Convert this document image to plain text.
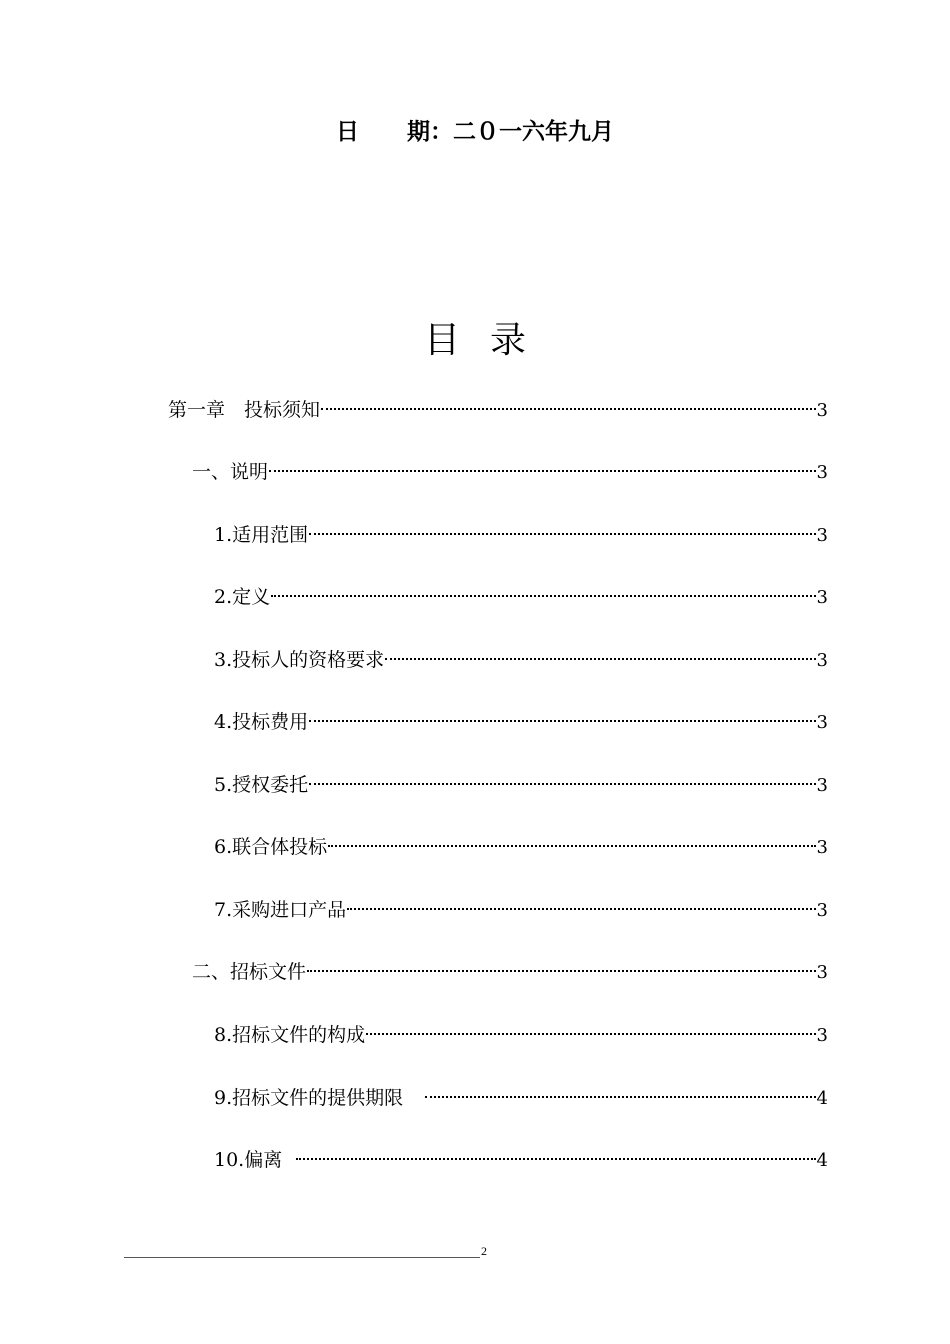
日 期：二０一六年九月
目 录
第一章　投标须知	3
一、说明	3
1.适用范围	3
2.定义	3
3.投标人的资格要求	3
4.投标费用	3
5.授权委托	3
6.联合体投标	3
7.采购进口产品	3
二、招标文件	3
8.招标文件的构成	3
9.招标文件的提供期限	4
10.偏离	4
2
